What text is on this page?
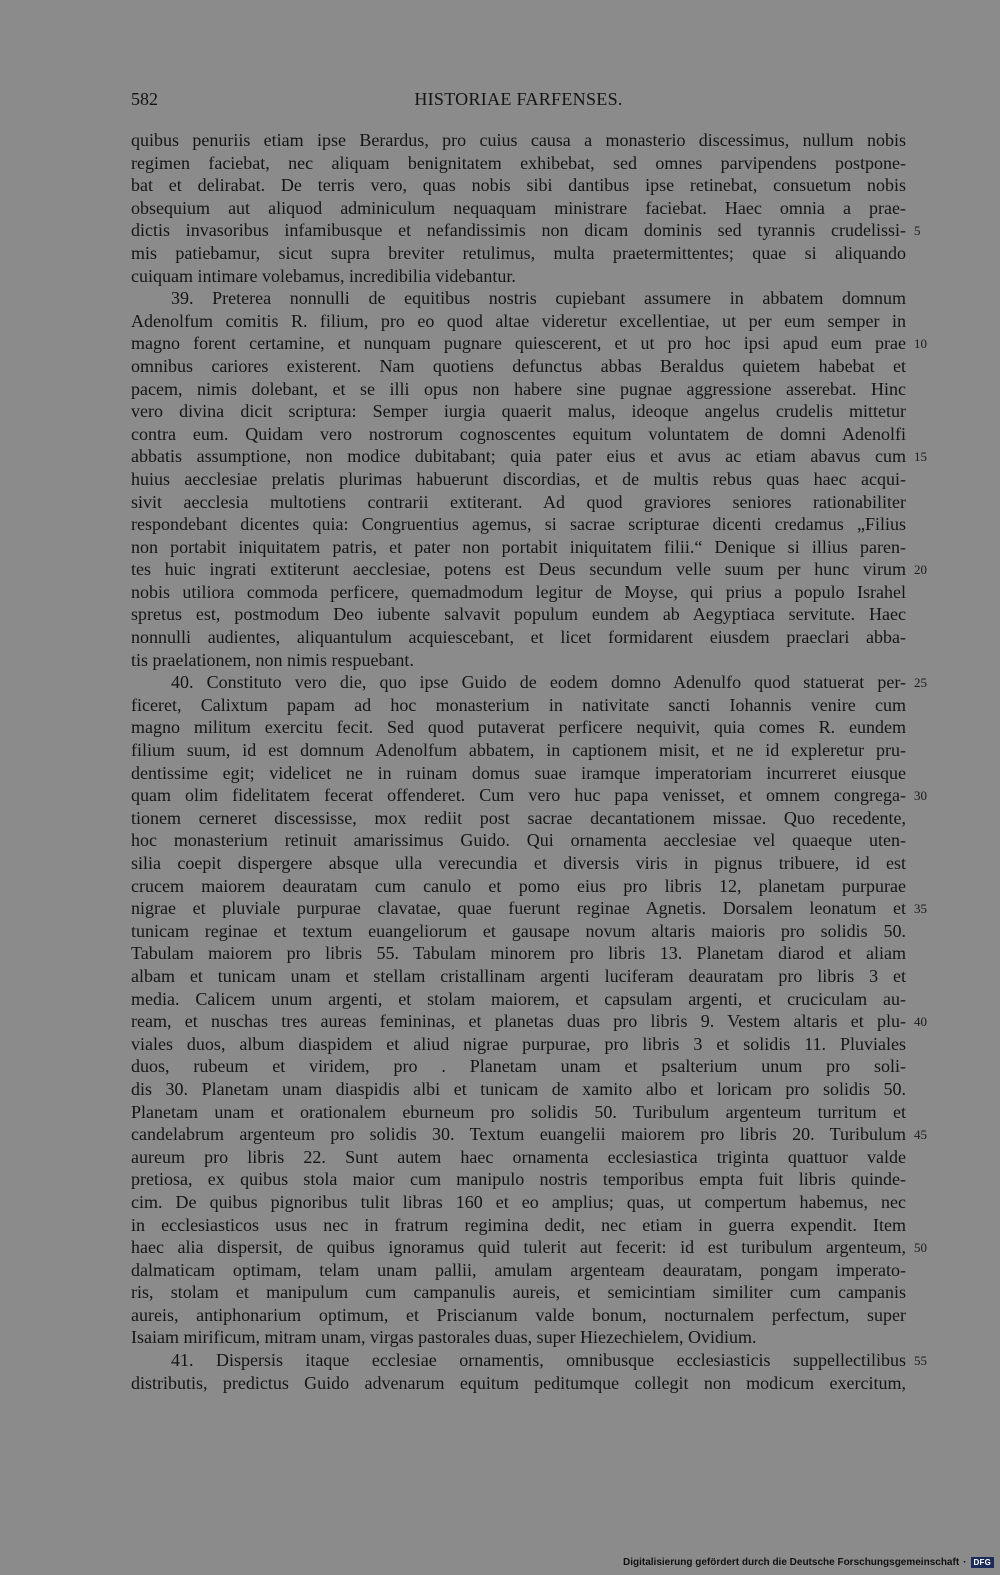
582	HISTORIAE FARFENSES.
quibus penuriis etiam ipse Berardus, pro cuius causa a monasterio discessimus, nullum nobis
regimen faciebat, nec aliquam benignitatem exhibebat, sed omnes parvipendens postpone-
bat et delirabat. De terris vero, quas nobis sibi dantibus ipse retinebat, consuetum nobis
obsequium aut aliquod adminiculum nequaquam ministrare faciebat. Haec omnia a prae-
dictis invasoribus infamibusque et nefandissimis non dicam dominis sed tyrannis crudelissi- 5
mis patiebamur, sicut supra breviter retulimus, multa praetermittentes; quae si aliquando
cuiquam intimare volebamus, incredibilia videbantur.
39. Preterea nonnulli de equitibus nostris cupiebant assumere in abbatem domnum
Adenolfum comitis R. filium, pro eo quod altae videretur excellentiae, ut per eum semper in
magno forent certamine, et nunquam pugnare quiescerent, et ut pro hoc ipsi apud eum prae 10
omnibus cariores existerent. Nam quotiens defunctus abbas Beraldus quietem habebat et
pacem, nimis dolebant, et se illi opus non habere sine pugnae aggressione asserebat. Hinc
vero divina dicit scriptura: Semper iurgia quaerit malus, ideoque angelus crudelis mittetur
contra eum. Quidam vero nostrorum cognoscentes equitum voluntatem de domni Adenolfi
abbatis assumptione, non modice dubitabant; quia pater eius et avus ac etiam abavus cum 15
huius aecclesiae prelatis plurimas habuerunt discordias, et de multis rebus quas haec acqui-
sivit aecclesia multotiens contrarii extiterant. Ad quod graviores seniores rationabiliter
respondebant dicentes quia: Congruentius agemus, si sacrae scripturae dicenti credamus „Filius
non portabit iniquitatem patris, et pater non portabit iniquitatem filii.“ Denique si illius paren-
tes huic ingrati extiterunt aecclesiae, potens est Deus secundum velle suum per hunc virum 20
nobis utiliora commoda perficere, quemadmodum legitur de Moyse, qui prius a populo Israhel
spretus est, postmodum Deo iubente salvavit populum eundem ab Aegyptiaca servitute. Haec
nonnulli audientes, aliquantulum acquiescebant, et licet formidarent eiusdem praeclari abba-
tis praelationem, non nimis respuebant.
40. Constituto vero die, quo ipse Guido de eodem domno Adenulfo quod statuerat per- 25
ficeret, Calixtum papam ad hoc monasterium in nativitate sancti Iohannis venire cum
magno militum exercitu fecit. Sed quod putaverat perficere nequivit, quia comes R. eundem
filium suum, id est domnum Adenolfum abbatem, in captionem misit, et ne id expleretur pru-
dentissime egit; videlicet ne in ruinam domus suae iramque imperatoriam incurreret eiusque
quam olim fidelitatem fecerat offenderet. Cum vero huc papa venisset, et omnem congrega- 30
tionem cerneret discessisse, mox rediit post sacrae decantationem missae. Quo recedente,
hoc monasterium retinuit amarissimus Guido. Qui ornamenta aecclesiae vel quaeque uten-
silia coepit dispergere absque ulla verecundia et diversis viris in pignus tribuere, id est
crucem maiorem deauratam cum canulo et pomo eius pro libris 12, planetam purpurae
nigrae et pluviale purpurae clavatae, quae fuerunt reginae Agnetis. Dorsalem leonatum et 35
tunicam reginae et textum euangeliorum et gausape novum altaris maioris pro solidis 50.
Tabulam maiorem pro libris 55. Tabulam minorem pro libris 13. Planetam diarod et aliam
albam et tunicam unam et stellam cristallinam argenti luciferam deauratam pro libris 3 et
media. Calicem unum argenti, et stolam maiorem, et capsulam argenti, et cruciculam au-
ream, et nuschas tres aureas femininas, et planetas duas pro libris 9. Vestem altaris et plu- 40
viales duos, album diaspidem et aliud nigrae purpurae, pro libris 3 et solidis 11. Pluviales
duos, rubeum et viridem, pro . Planetam unam et psalterium unum pro soli-
dis 30. Planetam unam diaspidis albi et tunicam de xamito albo et loricam pro solidis 50.
Planetam unam et orationalem eburneum pro solidis 50. Turibulum argenteum turritum et
candelabrum argenteum pro solidis 30. Textum euangelii maiorem pro libris 20. Turibulum 45
aureum pro libris 22. Sunt autem haec ornamenta ecclesiastica triginta quattuor valde
pretiosa, ex quibus stola maior cum manipulo nostris temporibus empta fuit libris quinde-
cim. De quibus pignoribus tulit libras 160 et eo amplius; quas, ut compertum habemus, nec
in ecclesiasticos usus nec in fratrum regimina dedit, nec etiam in guerra expendit. Item
haec alia dispersit, de quibus ignoramus quid tulerit aut fecerit: id est turibulum argenteum, 50
dalmaticam optimam, telam unam pallii, amulam argenteam deauratam, pongam imperato-
ris, stolam et manipulum cum campanulis aureis, et semicintiam similiter cum campanis
aureis, antiphonarium optimum, et Priscianum valde bonum, nocturnalem perfectum, super
Isaiam mirificum, mitram unam, virgas pastorales duas, super Hiezechielem, Ovidium.
41. Dispersis itaque ecclesiae ornamentis, omnibusque ecclesiasticis suppellectilibus 55
distributis, predictus Guido advenarum equitum peditumque collegit non modicum exercitum,
Digitalisierung gefördert durch die Deutsche Forschungsgemeinschaft · DFG
